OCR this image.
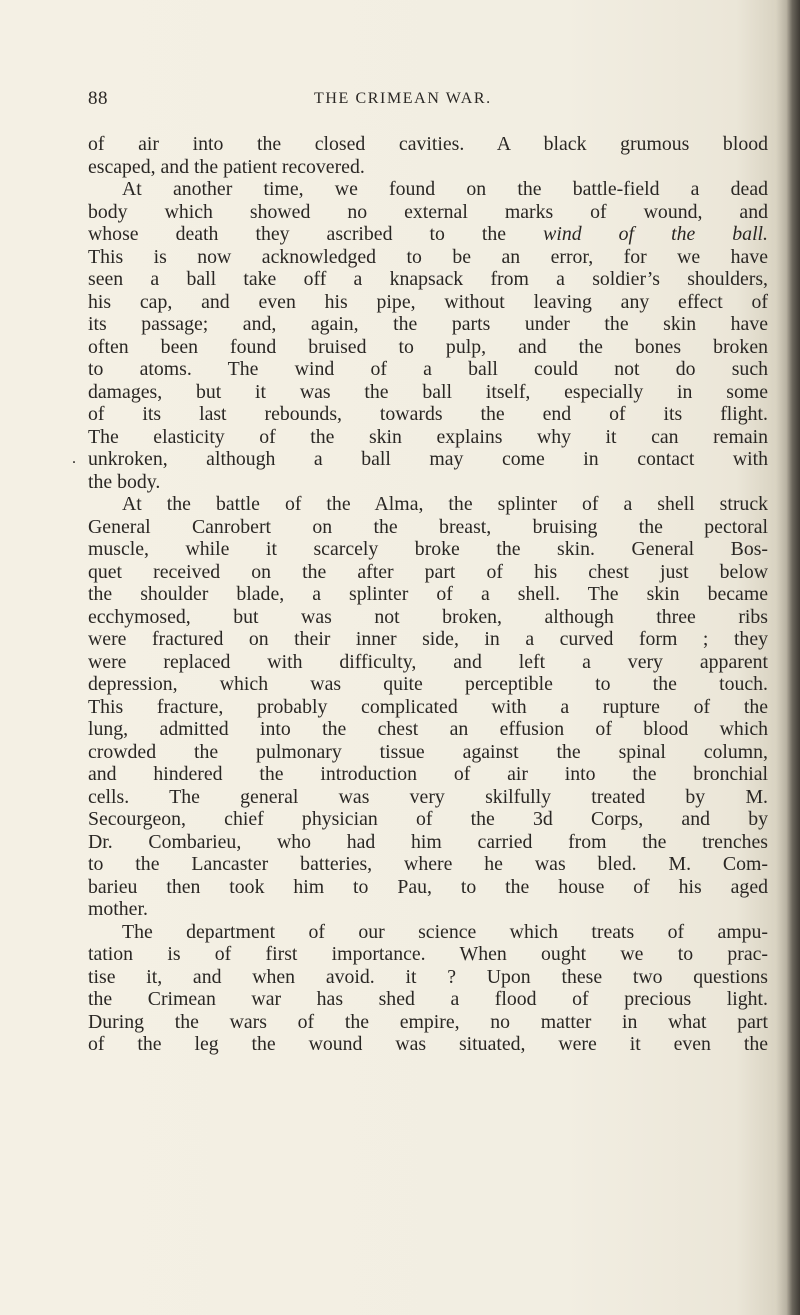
88	THE CRIMEAN WAR.
of air into the closed cavities. A black grumous blood
escaped, and the patient recovered.
At another time, we found on the battle-field a dead
body which showed no external marks of wound, and
whose death they ascribed to the wind of the ball.
This is now acknowledged to be an error, for we have
seen a ball take off a knapsack from a soldier’s shoulders,
his cap, and even his pipe, without leaving any effect of
its passage; and, again, the parts under the skin have
often been found bruised to pulp, and the bones broken
to atoms. The wind of a ball could not do such
damages, but it was the ball itself, especially in some
of its last rebounds, towards the end of its flight.
The elasticity of the skin explains why it can remain
. unkroken, although a ball may come in contact with
the body.
At the battle of the Alma, the splinter of a shell struck
General Canrobert on the breast, bruising the pectoral
muscle, while it scarcely broke the skin. General Bos-
quet received on the after part of his chest just below
the shoulder blade, a splinter of a shell. The skin became
ecchymosed, but was not broken, although three ribs
were fractured on their inner side, in a curved form ; they
were replaced with difficulty, and left a very apparent
depression, which was quite perceptible to the touch.
This fracture, probably complicated with a rupture of the
lung, admitted into the chest an effusion of blood which
crowded the pulmonary tissue against the spinal column,
and hindered the introduction of air into the bronchial
cells. The general was very skilfully treated by M.
Secourgeon, chief physician of the 3d Corps, and by
Dr. Combarieu, who had him carried from the trenches
to the Lancaster batteries, where he was bled. M. Com-
barieu then took him to Pau, to the house of his aged
mother.
The department of our science which treats of ampu-
tation is of first importance. When ought we to prac-
tise it, and when avoid. it ? Upon these two questions
the Crimean war has shed a flood of precious light.
During the wars of the empire, no matter in what part
of the leg the wound was situated, were it even the
